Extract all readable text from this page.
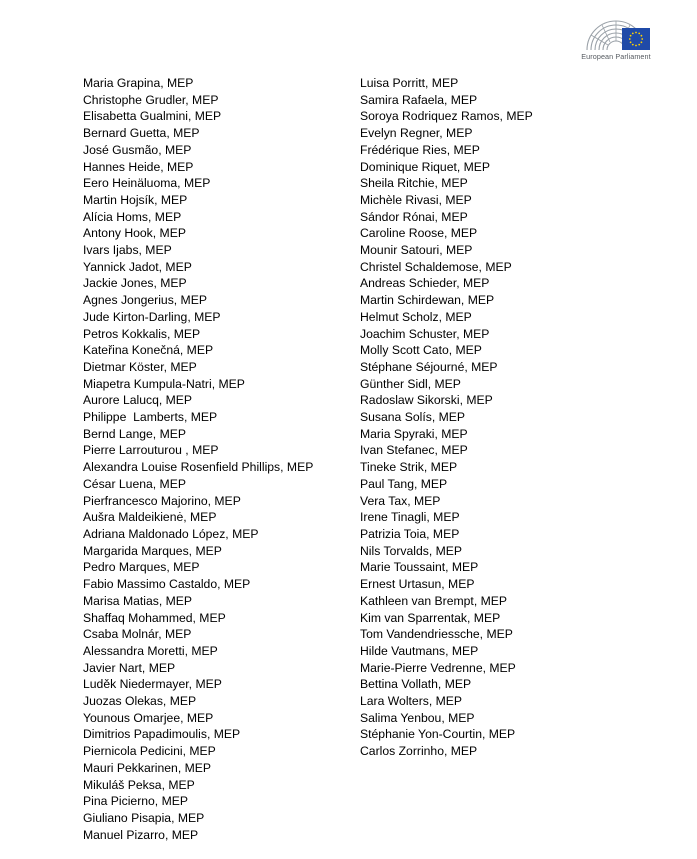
European Parliament
Maria Grapina, MEP
Christophe Grudler, MEP
Elisabetta Gualmini, MEP
Bernard Guetta, MEP
José Gusmão, MEP
Hannes Heide, MEP
Eero Heinäluoma, MEP
Martin Hojsík, MEP
Alícia Homs, MEP
Antony Hook, MEP
Ivars Ijabs, MEP
Yannick Jadot, MEP
Jackie Jones, MEP
Agnes Jongerius, MEP
Jude Kirton-Darling, MEP
Petros Kokkalis, MEP
Kateřina Konečná, MEP
Dietmar Köster, MEP
Miapetra Kumpula-Natri, MEP
Aurore Lalucq, MEP
Philippe  Lamberts, MEP
Bernd Lange, MEP
Pierre Larrouturou , MEP
Alexandra Louise Rosenfield Phillips, MEP
César Luena, MEP
Pierfrancesco Majorino, MEP
Aušra Maldeikienė, MEP
Adriana Maldonado López, MEP
Margarida Marques, MEP
Pedro Marques, MEP
Fabio Massimo Castaldo, MEP
Marisa Matias, MEP
Shaffaq Mohammed, MEP
Csaba Molnár, MEP
Alessandra Moretti, MEP
Javier Nart, MEP
Luděk Niedermayer, MEP
Juozas Olekas, MEP
Younous Omarjee, MEP
Dimitrios Papadimoulis, MEP
Piernicola Pedicini, MEP
Mauri Pekkarinen, MEP
Mikuláš Peksa, MEP
Pina Picierno, MEP
Giuliano Pisapia, MEP
Manuel Pizarro, MEP
Luisa Porritt, MEP
Samira Rafaela, MEP
Soroya Rodriquez Ramos, MEP
Evelyn Regner, MEP
Frédérique Ries, MEP
Dominique Riquet, MEP
Sheila Ritchie, MEP
Michèle Rivasi, MEP
Sándor Rónai, MEP
Caroline Roose, MEP
Mounir Satouri, MEP
Christel Schaldemose, MEP
Andreas Schieder, MEP
Martin Schirdewan, MEP
Helmut Scholz, MEP
Joachim Schuster, MEP
Molly Scott Cato, MEP
Stéphane Séjourné, MEP
Günther Sidl, MEP
Radoslaw Sikorski, MEP
Susana Solís, MEP
Maria Spyraki, MEP
Ivan Stefanec, MEP
Tineke Strik, MEP
Paul Tang, MEP
Vera Tax, MEP
Irene Tinagli, MEP
Patrizia Toia, MEP
Nils Torvalds, MEP
Marie Toussaint, MEP
Ernest Urtasun, MEP
Kathleen van Brempt, MEP
Kim van Sparrentak, MEP
Tom Vandendriessche, MEP
Hilde Vautmans, MEP
Marie-Pierre Vedrenne, MEP
Bettina Vollath, MEP
Lara Wolters, MEP
Salima Yenbou, MEP
Stéphanie Yon-Courtin, MEP
Carlos Zorrinho, MEP
